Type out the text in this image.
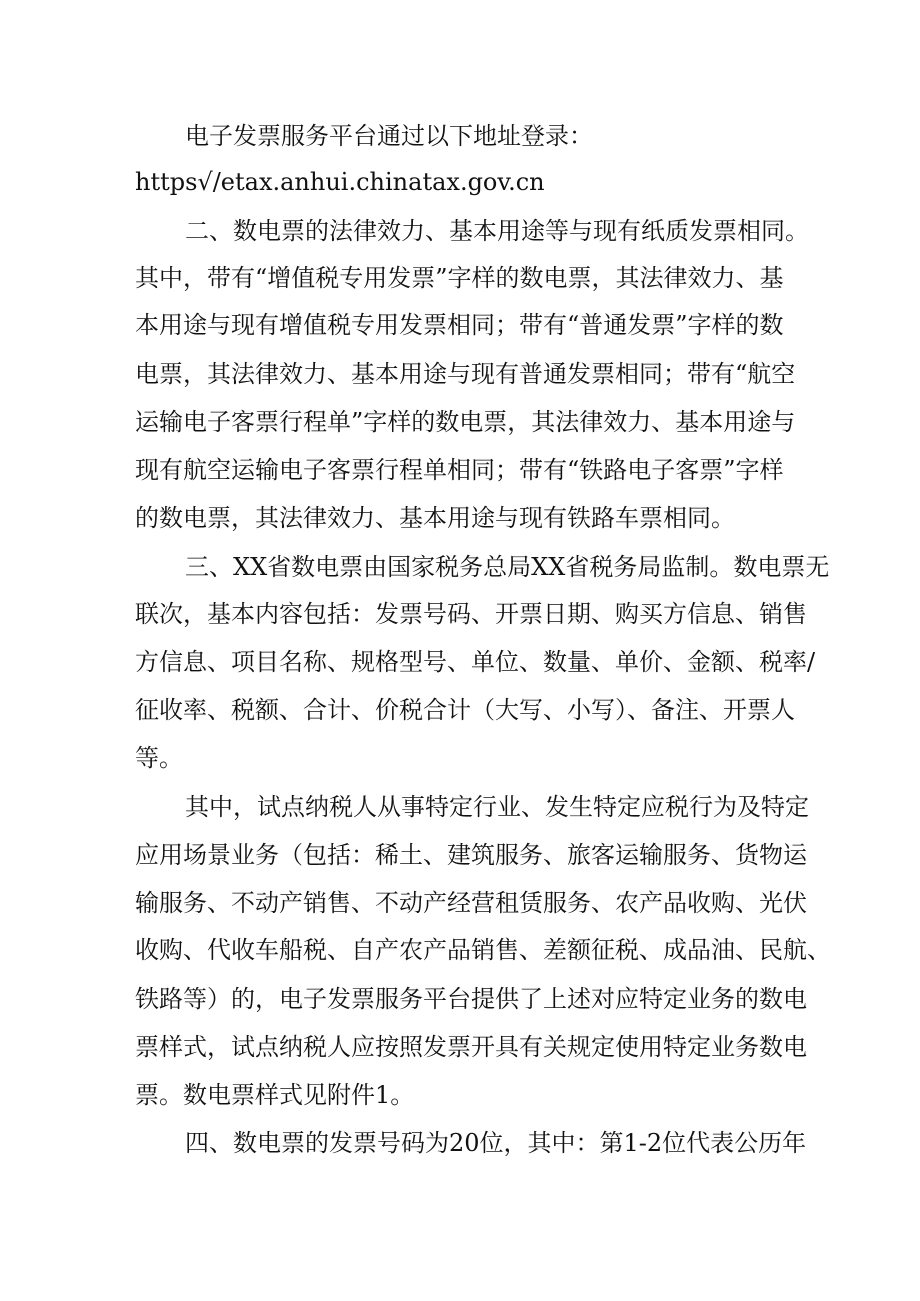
电子发票服务平台通过以下地址登录：
https√/etax.anhui.chinatax.gov.cn
二、数电票的法律效力、基本用途等与现有纸质发票相同。
其中，带有“增值税专用发票”字样的数电票，其法律效力、基
本用途与现有增值税专用发票相同；带有“普通发票”字样的数
电票，其法律效力、基本用途与现有普通发票相同；带有“航空
运输电子客票行程单”字样的数电票，其法律效力、基本用途与
现有航空运输电子客票行程单相同；带有“铁路电子客票”字样
的数电票，其法律效力、基本用途与现有铁路车票相同。
三、XX省数电票由国家税务总局XX省税务局监制。数电票无
联次，基本内容包括：发票号码、开票日期、购买方信息、销售
方信息、项目名称、规格型号、单位、数量、单价、金额、税率/
征收率、税额、合计、价税合计（大写、小写）、备注、开票人
等。
其中，试点纳税人从事特定行业、发生特定应税行为及特定
应用场景业务（包括：稀土、建筑服务、旅客运输服务、货物运
输服务、不动产销售、不动产经营租赁服务、农产品收购、光伏
收购、代收车船税、自产农产品销售、差额征税、成品油、民航、
铁路等）的，电子发票服务平台提供了上述对应特定业务的数电
票样式，试点纳税人应按照发票开具有关规定使用特定业务数电
票。数电票样式见附件1。
四、数电票的发票号码为20位，其中：第1-2位代表公历年
